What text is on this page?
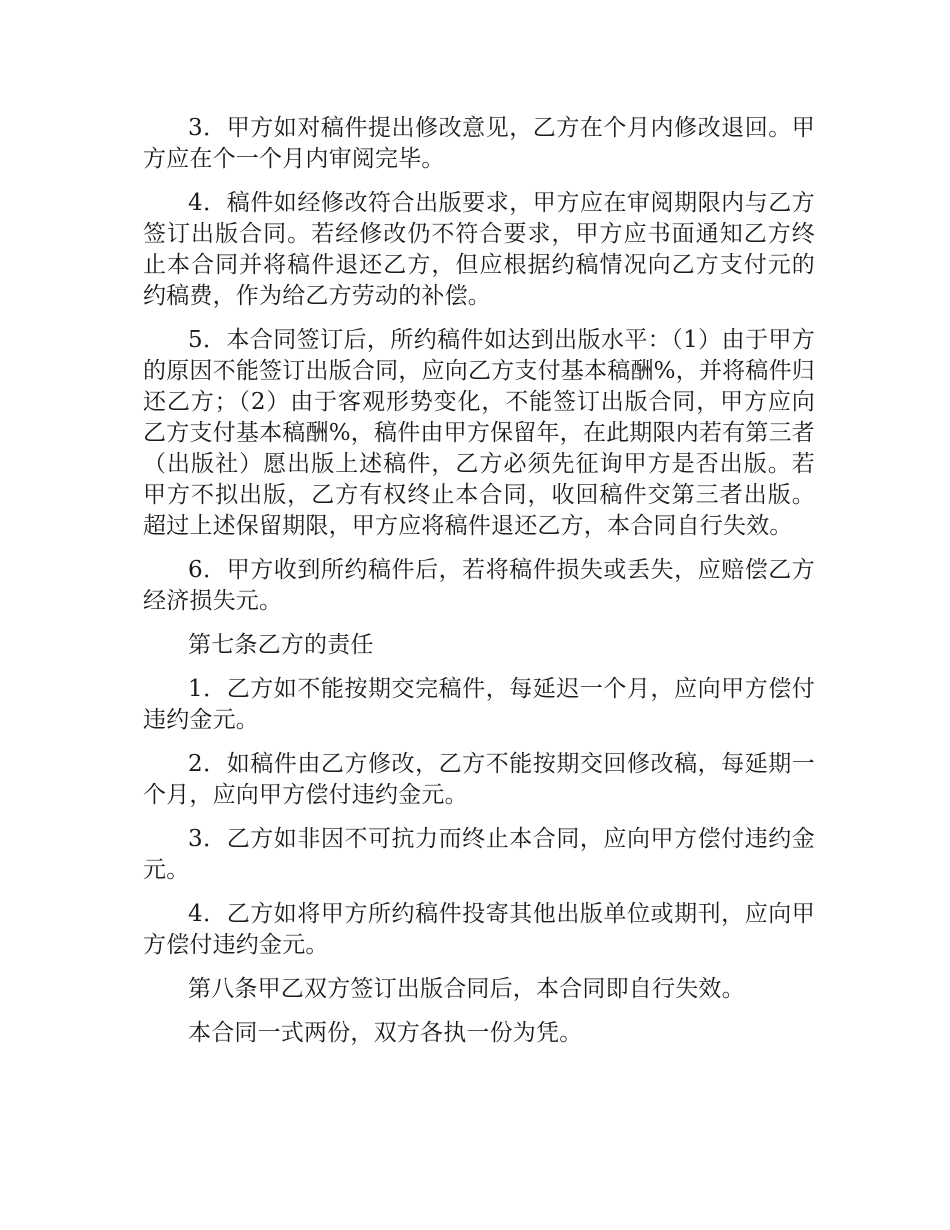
3．甲方如对稿件提出修改意见，乙方在个月内修改退回。甲方应在个一个月内审阅完毕。

4．稿件如经修改符合出版要求，甲方应在审阅期限内与乙方签订出版合同。若经修改仍不符合要求，甲方应书面通知乙方终止本合同并将稿件退还乙方，但应根据约稿情况向乙方支付元的约稿费，作为给乙方劳动的补偿。

5．本合同签订后，所约稿件如达到出版水平：（1）由于甲方的原因不能签订出版合同，应向乙方支付基本稿酬%，并将稿件归还乙方；（2）由于客观形势变化，不能签订出版合同，甲方应向乙方支付基本稿酬%，稿件由甲方保留年，在此期限内若有第三者（出版社）愿出版上述稿件，乙方必须先征询甲方是否出版。若甲方不拟出版，乙方有权终止本合同，收回稿件交第三者出版。超过上述保留期限，甲方应将稿件退还乙方，本合同自行失效。

6．甲方收到所约稿件后，若将稿件损失或丢失，应赔偿乙方经济损失元。

第七条乙方的责任

1．乙方如不能按期交完稿件，每延迟一个月，应向甲方偿付违约金元。

2．如稿件由乙方修改，乙方不能按期交回修改稿，每延期一个月，应向甲方偿付违约金元。

3．乙方如非因不可抗力而终止本合同，应向甲方偿付违约金元。

4．乙方如将甲方所约稿件投寄其他出版单位或期刊，应向甲方偿付违约金元。

第八条甲乙双方签订出版合同后，本合同即自行失效。

本合同一式两份，双方各执一份为凭。
